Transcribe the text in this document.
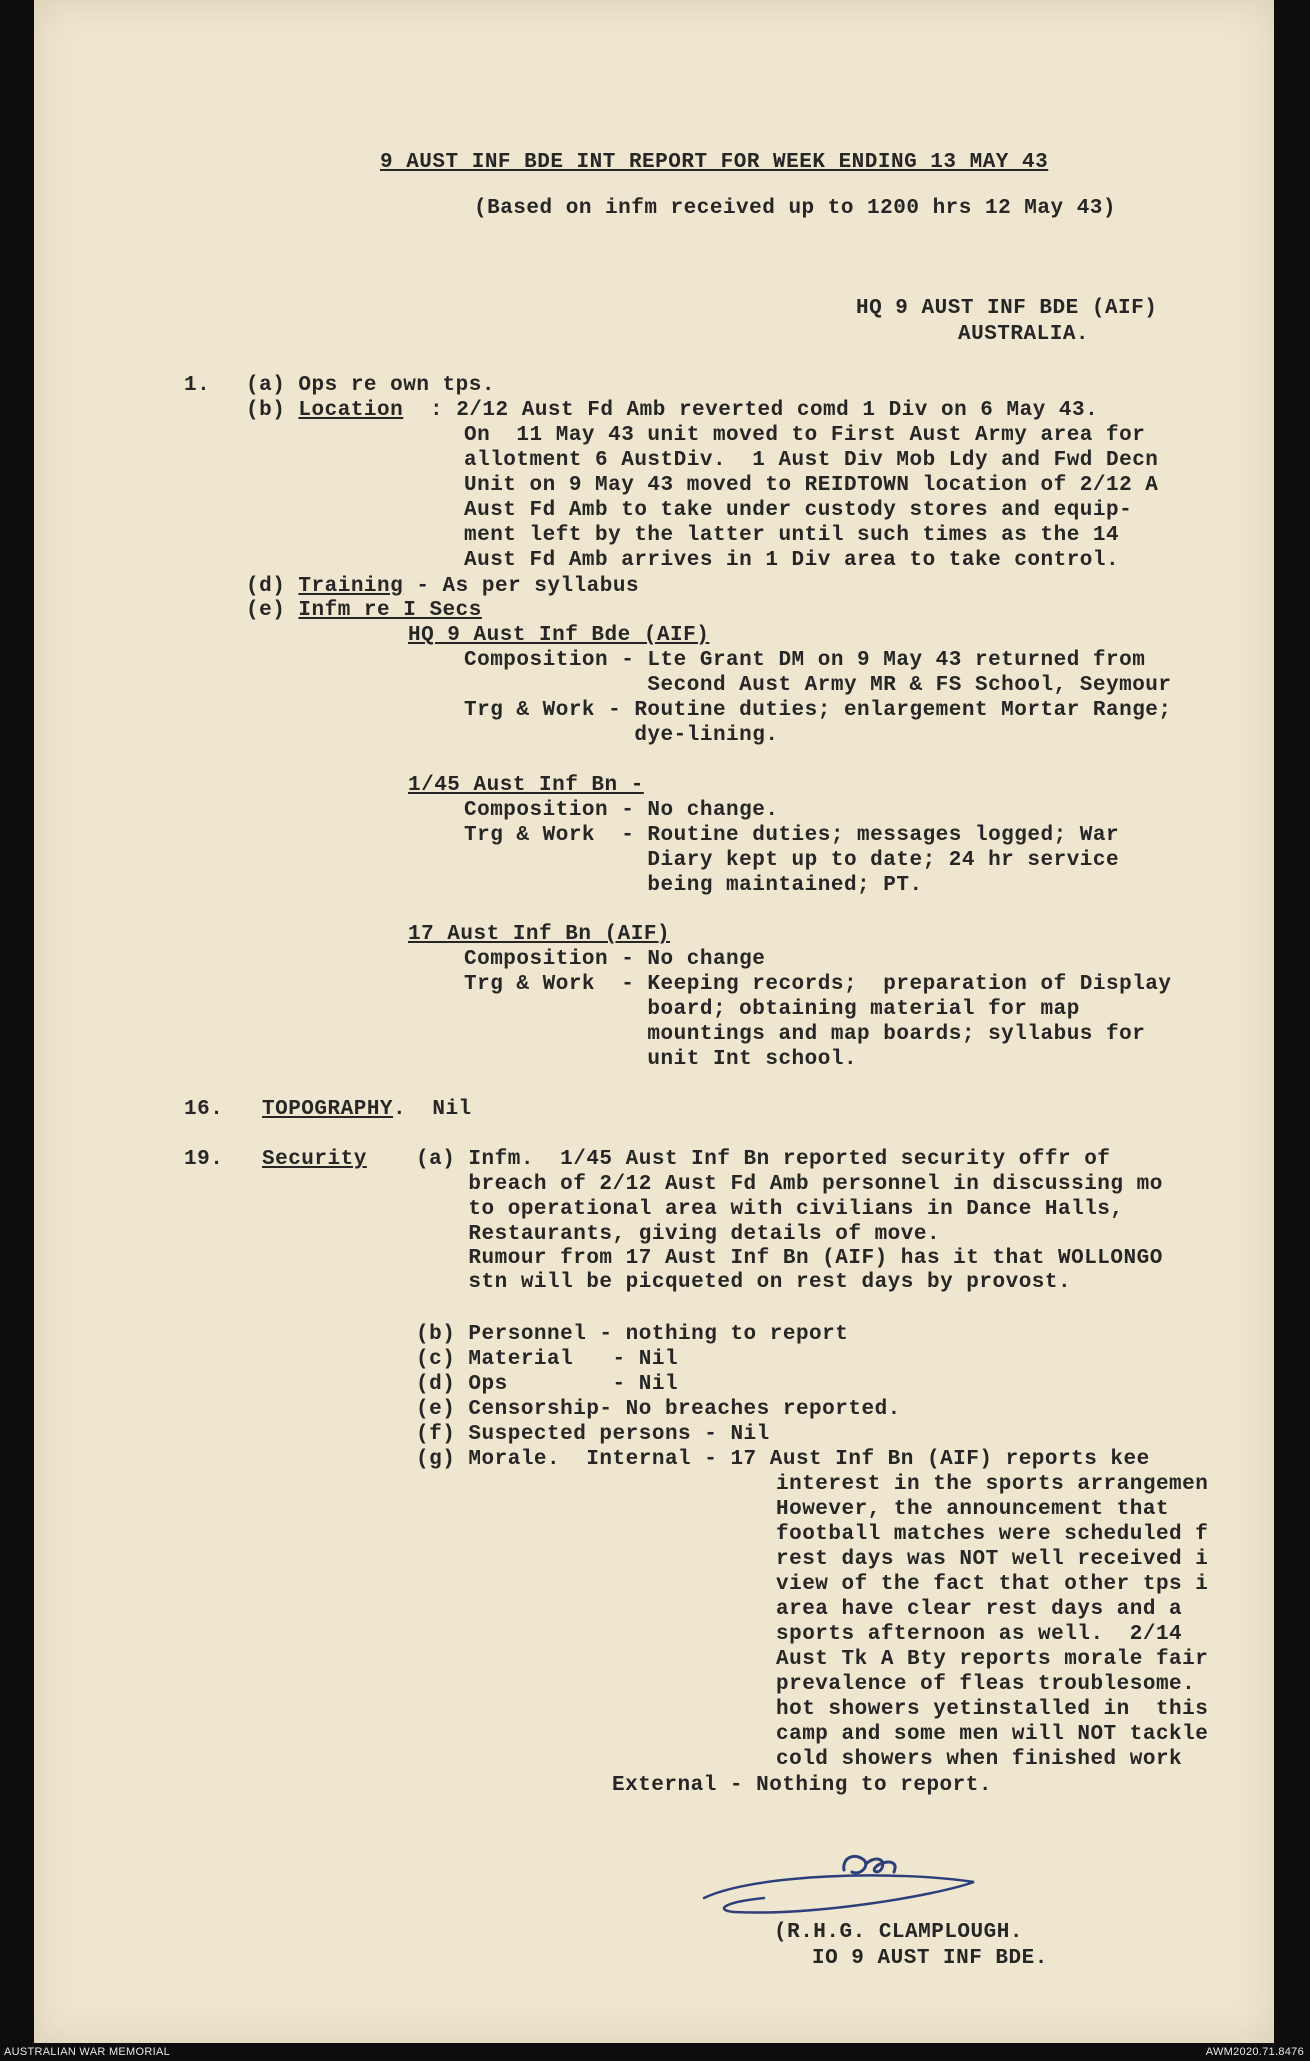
9 AUST INF BDE INT REPORT FOR WEEK ENDING 13 MAY 43
(Based on infm received up to 1200 hrs 12 May 43)
HQ 9 AUST INF BDE (AIF)
AUSTRALIA.
1. (a) Ops re own tps.
(b) Location : 2/12 Aust Fd Amb reverted comd 1 Div on 6 May 43.
On  11 May 43 unit moved to First Aust Army area for
allotment 6 AustDiv.  1 Aust Div Mob Ldy and Fwd Decn
Unit on 9 May 43 moved to REIDTOWN location of 2/12 A
Aust Fd Amb to take under custody stores and equip-
ment left by the latter until such times as the 14
Aust Fd Amb arrives in 1 Div area to take control.
(d) Training - As per syllabus
(e) Infm re I Secs
HQ 9 Aust Inf Bde (AIF)
Composition - Lte Grant DM on 9 May 43 returned from
Second Aust Army MR & FS School, Seymour
Trg & Work - Routine duties; enlargement Mortar Range;
dye-lining.
1/45 Aust Inf Bn -
Composition - No change.
Trg & Work  - Routine duties; messages logged; War
Diary kept up to date; 24 hr service
being maintained; PT.
17 Aust Inf Bn (AIF)
Composition - No change
Trg & Work  - Keeping records;  preparation of Display
board; obtaining material for map
mountings and map boards; syllabus for
unit Int school.
16. TOPOGRAPHY.  Nil
19. Security (a) Infm.  1/45 Aust Inf Bn reported security offr of
breach of 2/12 Aust Fd Amb personnel in discussing mo
to operational area with civilians in Dance Halls,
Restaurants, giving details of move.
Rumour from 17 Aust Inf Bn (AIF) has it that WOLLONGO
stn will be picqueted on rest days by provost.
(b) Personnel - nothing to report
(c) Material   - Nil
(d) Ops        - Nil
(e) Censorship- No breaches reported.
(f) Suspected persons - Nil
(g) Morale.  Internal - 17 Aust Inf Bn (AIF) reports kee
interest in the sports arrangemen
However, the announcement that
football matches were scheduled f
rest days was NOT well received i
view of the fact that other tps i
area have clear rest days and a
sports afternoon as well.  2/14
Aust Tk A Bty reports morale fair
prevalence of fleas troublesome.
hot showers yetinstalled in  this
camp and some men will NOT tackle
cold showers when finished work
External - Nothing to report.
(R.H.G. CLAMPLOUGH.
IO 9 AUST INF BDE.
AUSTRALIAN WAR MEMORIAL	AWM2020.71.8476
